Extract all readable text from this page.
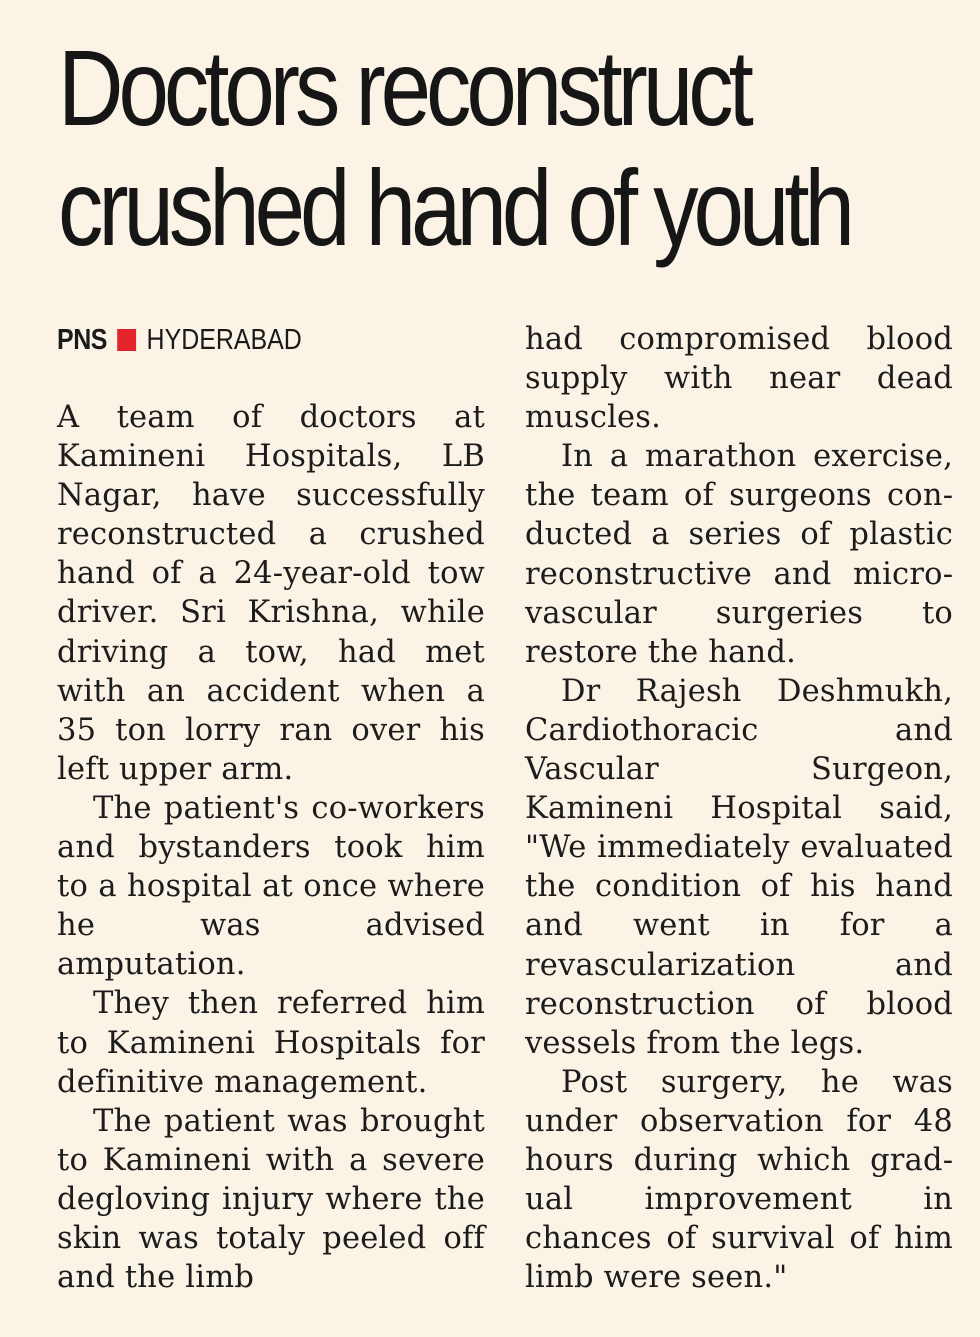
Doctors reconstruct
crushed hand of youth
PNS HYDERABAD

A team of doctors at Kamineni Hospitals, LB Nagar, have successfully reconstructed a crushed hand of a 24-year-old tow driver. Sri Krishna, while driving a tow, had met with an accident when a 35 ton lorry ran over his left upper arm.

The patient's co-workers and bystanders took him to a hospital at once where he was advised amputation.

They then referred him to Kamineni Hospitals for definitive management.

The patient was brought to Kamineni with a severe degloving injury where the skin was totaly peeled off and the limb

had compromised blood supply with near dead muscles.

In a marathon exercise, the team of surgeons conducted a series of plastic reconstructive and microvascular surgeries to restore the hand.

Dr Rajesh Deshmukh, Cardiothoracic and Vascular Surgeon, Kamineni Hospital said, "We immediately evaluated the condition of his hand and went in for a revascularization and reconstruction of blood vessels from the legs.

Post surgery, he was under observation for 48 hours during which gradual improvement in chances of survival of him limb were seen."
